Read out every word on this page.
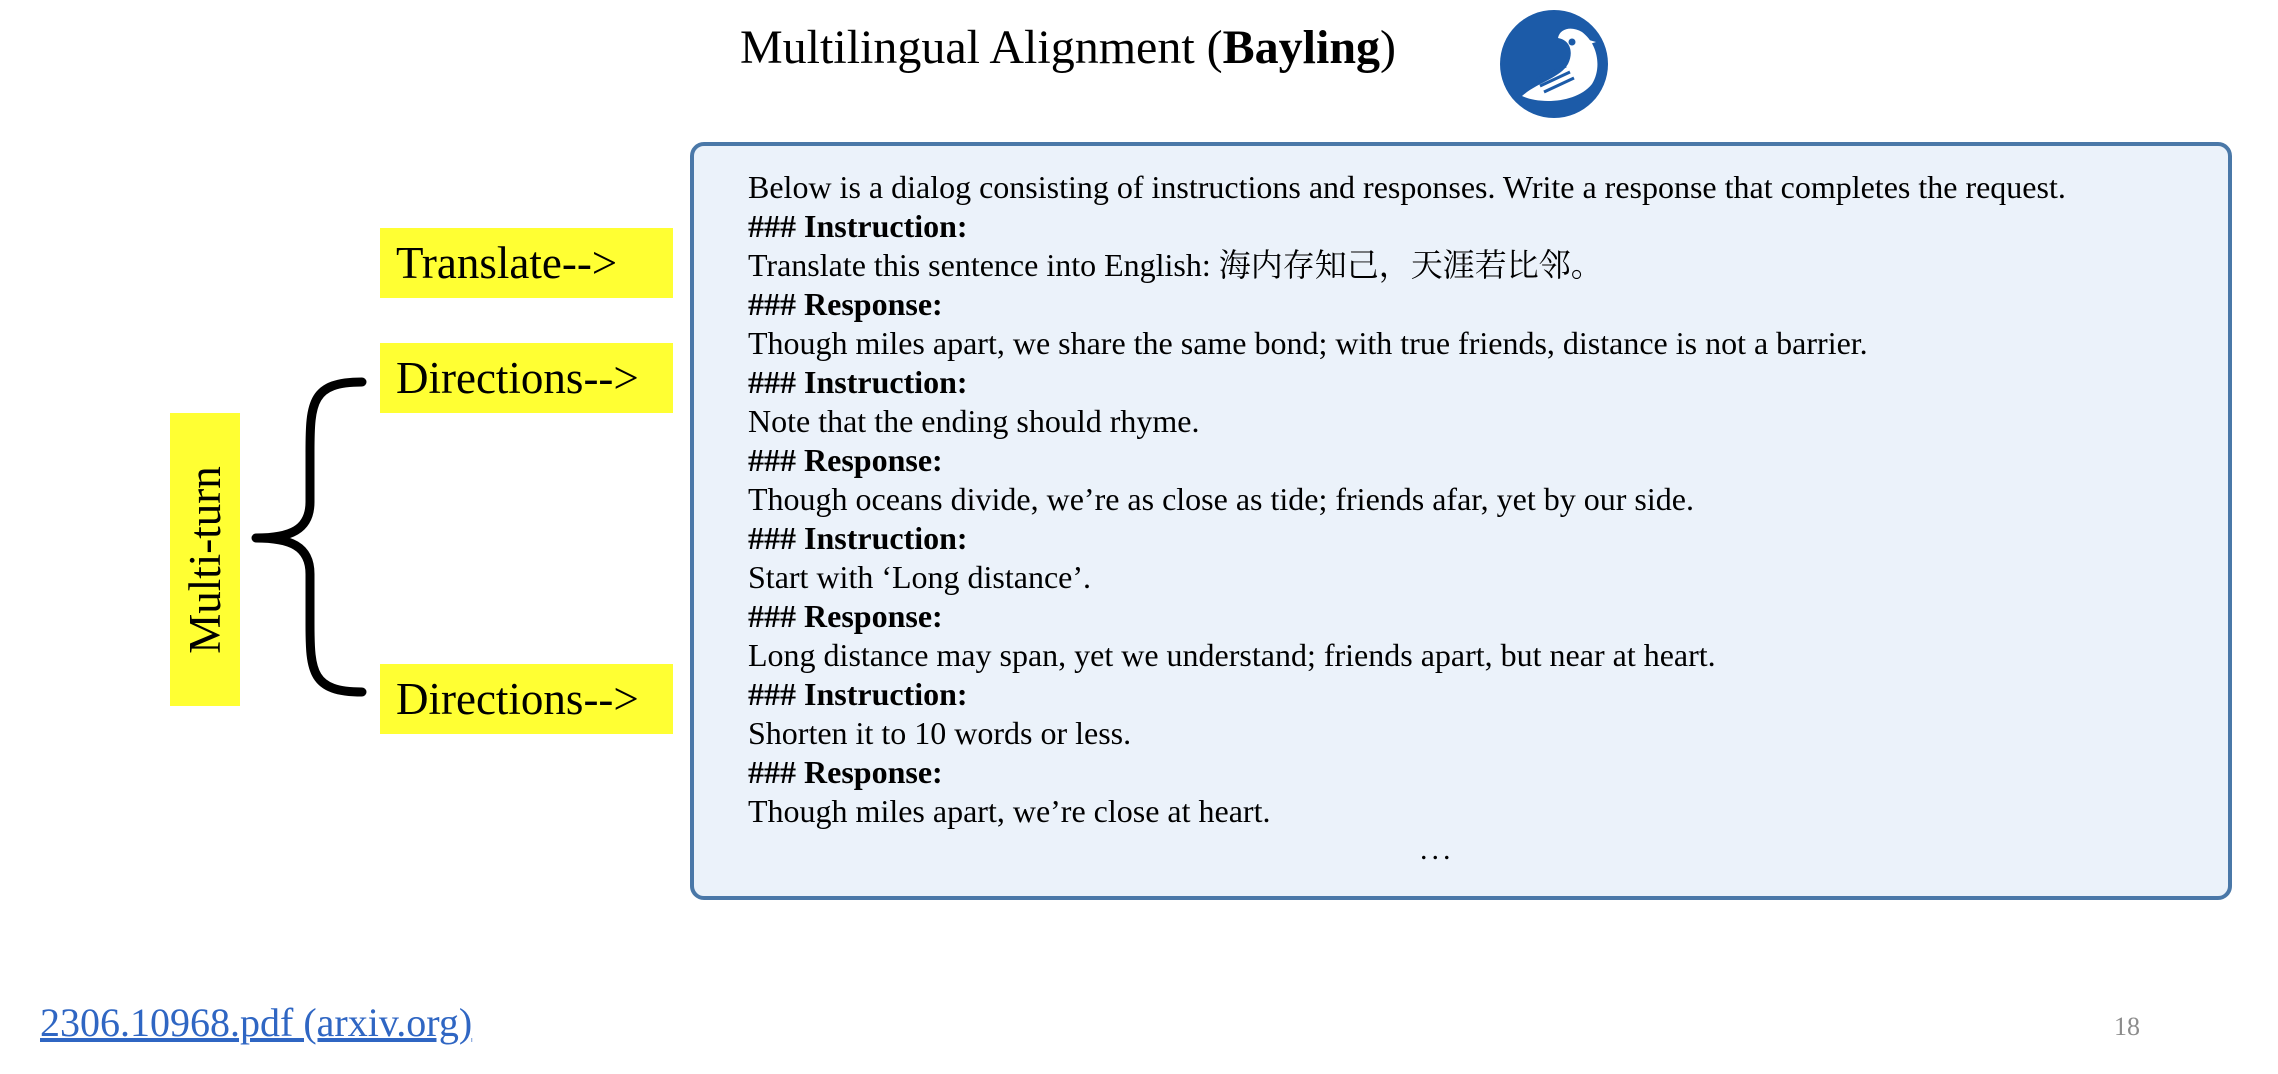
Multilingual Alignment (Bayling)
Translate-->
Directions-->
Directions-->
Multi-turn
Below is a dialog consisting of instructions and responses. Write a response that completes the request.
### Instruction:
Translate this sentence into English: 海内存知己，天涯若比邻。
### Response:
Though miles apart, we share the same bond; with true friends, distance is not a barrier.
### Instruction:
Note that the ending should rhyme.
### Response:
Though oceans divide, we’re as close as tide; friends afar, yet by our side.
### Instruction:
Start with ‘Long distance’.
### Response:
Long distance may span, yet we understand; friends apart, but near at heart.
### Instruction:
Shorten it to 10 words or less.
### Response:
Though miles apart, we’re close at heart.
...
2306.10968.pdf (arxiv.org)	18
